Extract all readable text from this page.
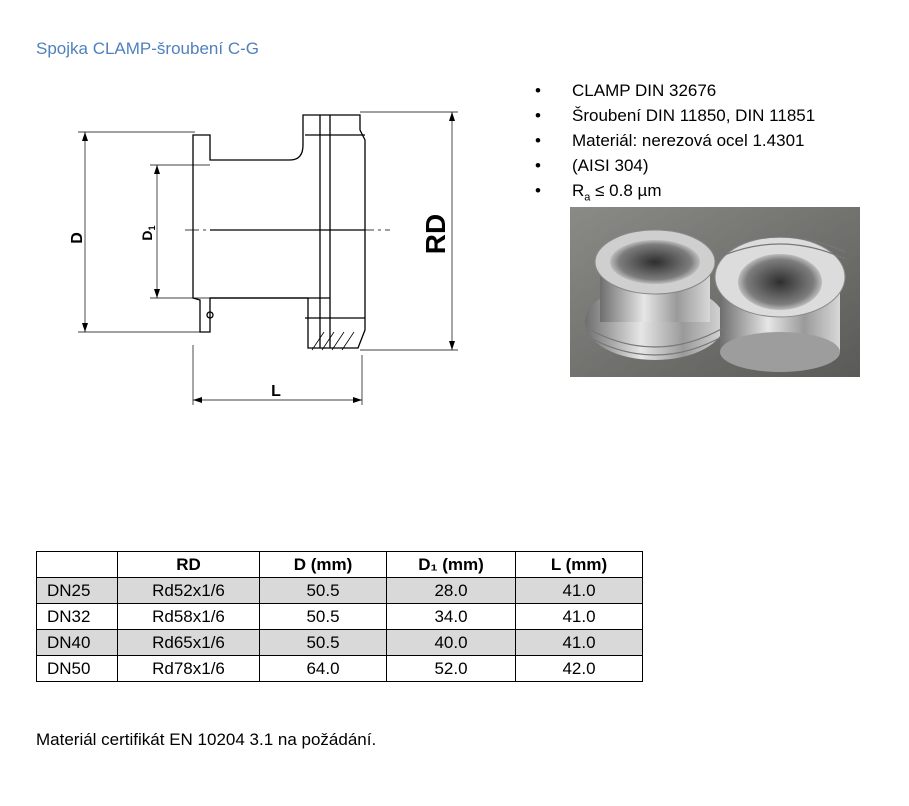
Spojka CLAMP-šroubení C-G
D	$D_1$	RD
L
• CLAMP DIN 32676
• Šroubení DIN 11850, DIN 11851
• Materiál: nerezová ocel 1.4301
• (AISI 304)
• $R_a \le 0.8$ µm
	RD	D (mm)	D₁ (mm)	L (mm)
DN25	Rd52x1/6	50.5	28.0	41.0
DN32	Rd58x1/6	50.5	34.0	41.0
DN40	Rd65x1/6	50.5	40.0	41.0
DN50	Rd78x1/6	64.0	52.0	42.0
Materiál certifikát EN 10204 3.1 na požádání.
